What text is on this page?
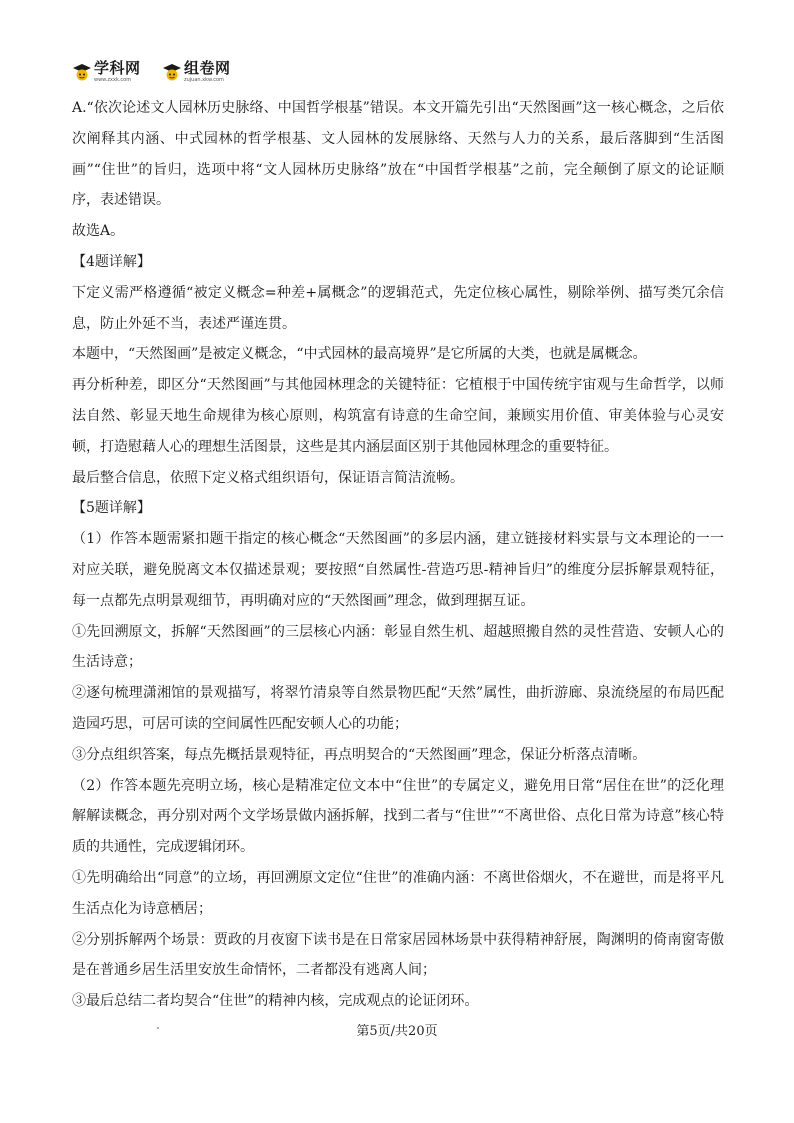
学科网
www.zxxk.com
组卷网
zujuan.xkw.com

A.“依次论述文人园林历史脉络、中国哲学根基”错误。本文开篇先引出“天然图画”这一核心概念，之后依次阐释其内涵、中式园林的哲学根基、文人园林的发展脉络、天然与人力的关系，最后落脚到“生活图画”“住世”的旨归，选项中将“文人园林历史脉络”放在“中国哲学根基”之前，完全颠倒了原文的论证顺序，表述错误。

故选A。

【4题详解】

下定义需严格遵循“被定义概念=种差+属概念”的逻辑范式，先定位核心属性，剔除举例、描写类冗余信息，防止外延不当，表述严谨连贯。

本题中，“天然图画”是被定义概念，“中式园林的最高境界”是它所属的大类，也就是属概念。

再分析种差，即区分“天然图画”与其他园林理念的关键特征：它植根于中国传统宇宙观与生命哲学，以师法自然、彰显天地生命规律为核心原则，构筑富有诗意的生命空间，兼顾实用价值、审美体验与心灵安顿，打造慰藉人心的理想生活图景，这些是其内涵层面区别于其他园林理念的重要特征。

最后整合信息，依照下定义格式组织语句，保证语言简洁流畅。

【5题详解】

（1）作答本题需紧扣题干指定的核心概念“天然图画”的多层内涵，建立链接材料实景与文本理论的一一对应关联，避免脱离文本仅描述景观；要按照“自然属性-营造巧思-精神旨归”的维度分层拆解景观特征，每一点都先点明景观细节，再明确对应的“天然图画”理念，做到理据互证。

①先回溯原文，拆解“天然图画”的三层核心内涵：彰显自然生机、超越照搬自然的灵性营造、安顿人心的生活诗意；

②逐句梳理潇湘馆的景观描写，将翠竹清泉等自然景物匹配“天然”属性，曲折游廊、泉流绕屋的布局匹配造园巧思，可居可读的空间属性匹配安顿人心的功能；

③分点组织答案，每点先概括景观特征，再点明契合的“天然图画”理念，保证分析落点清晰。

（2）作答本题先亮明立场，核心是精准定位文本中“住世”的专属定义，避免用日常“居住在世”的泛化理解解读概念，再分别对两个文学场景做内涵拆解，找到二者与“住世”“不离世俗、点化日常为诗意”核心特质的共通性，完成逻辑闭环。

①先明确给出“同意”的立场，再回溯原文定位“住世”的准确内涵：不离世俗烟火，不在避世，而是将平凡生活点化为诗意栖居；

②分别拆解两个场景：贾政的月夜窗下读书是在日常家居园林场景中获得精神舒展，陶渊明的倚南窗寄傲是在普通乡居生活里安放生命情怀，二者都没有逃离人间；

③最后总结二者均契合“住世”的精神内核，完成观点的论证闭环。

第5页/共20页
